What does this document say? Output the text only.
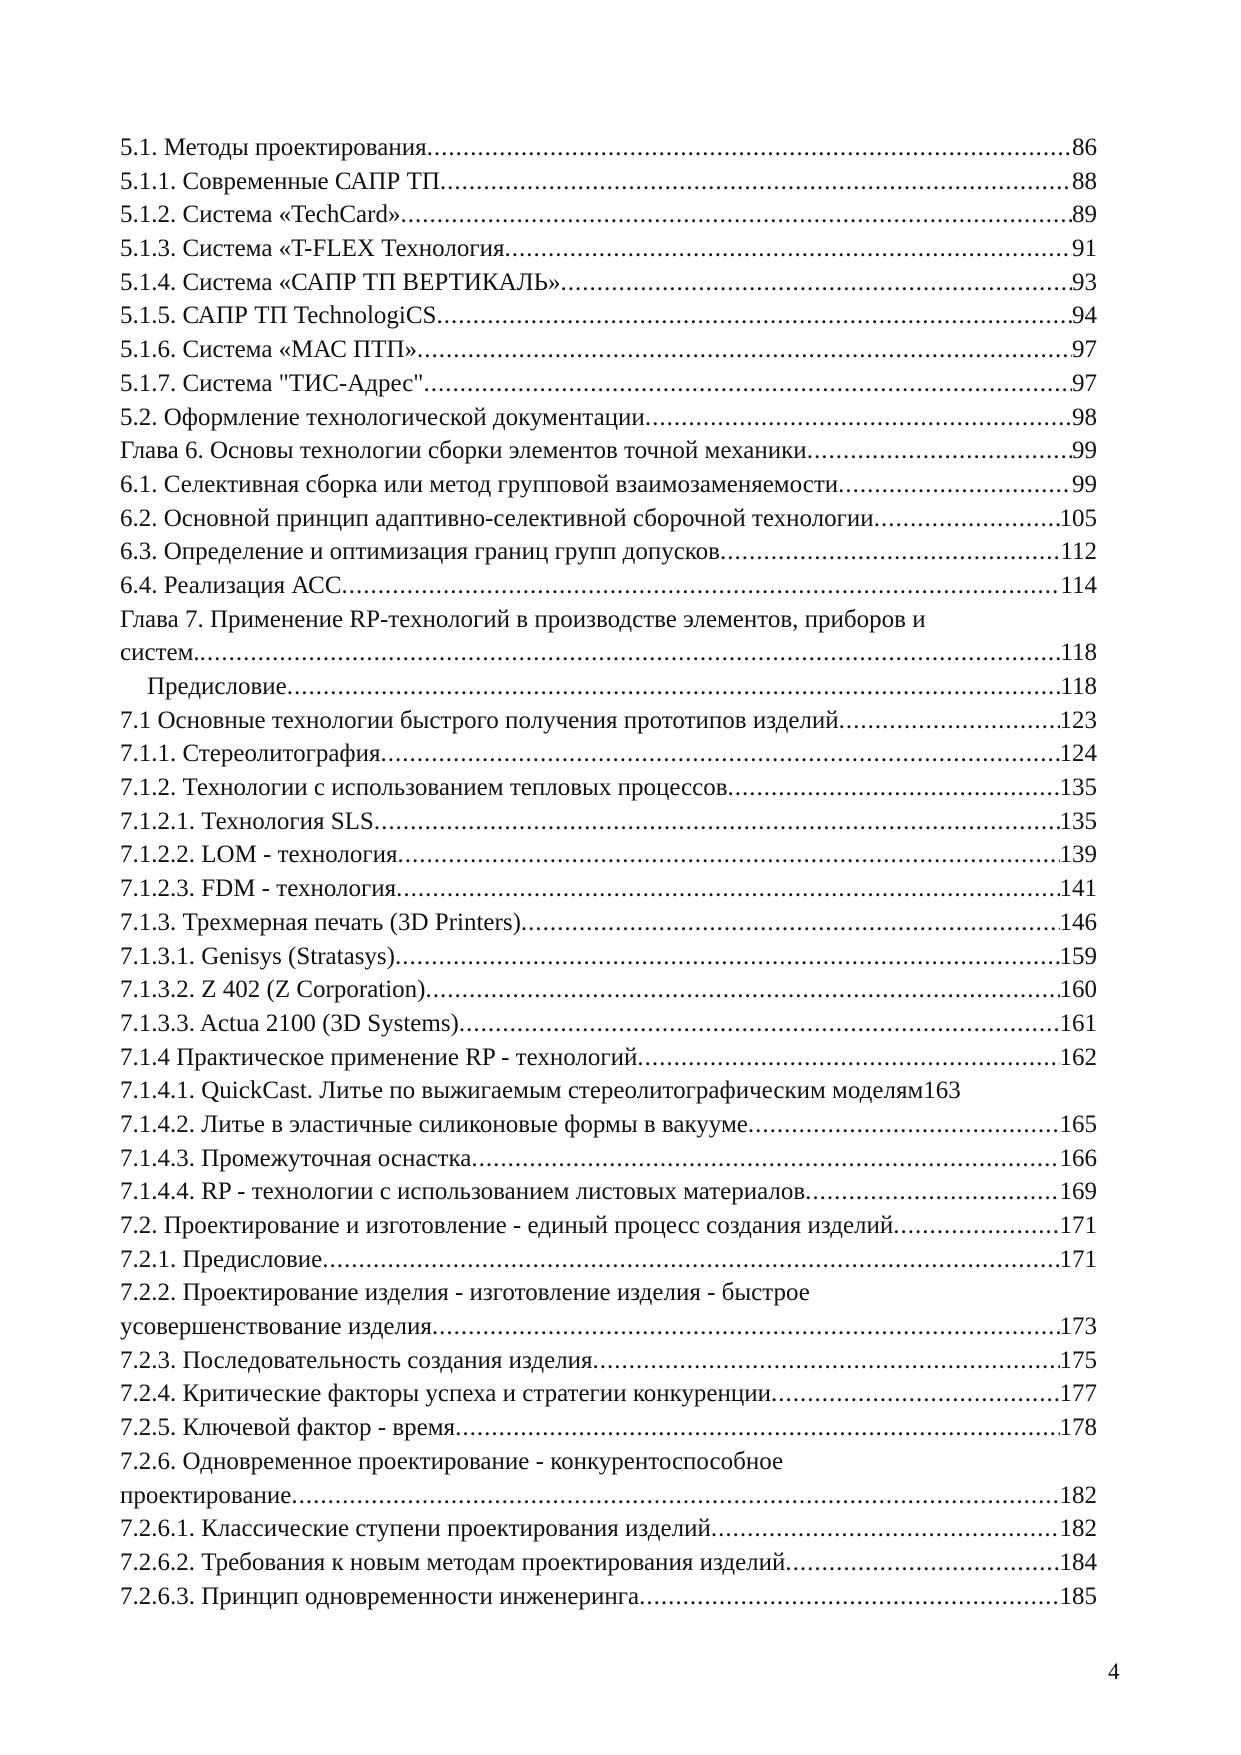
5.1. Методы проектирования .....	86
5.1.1. Современные САПР ТП .....	88
5.1.2. Система «TechCard» .....	89
5.1.3. Система «T-FLEX Технология .....	91
5.1.4. Система «САПР ТП ВЕРТИКАЛЬ» .....	93
5.1.5. САПР ТП TechnologiCS .....	94
5.1.6. Система «МАС ПТП» .....	97
5.1.7. Система "ТИС-Адрес" .....	97
5.2. Оформление технологической документации .....	98
Глава 6. Основы технологии сборки элементов точной механики .....	99
6.1. Селективная сборка или метод групповой взаимозаменяемости .....	99
6.2. Основной принцип адаптивно-селективной сборочной технологии .....	105
6.3. Определение и оптимизация границ групп допусков .....	112
6.4. Реализация АСС .....	114
Глава 7. Применение RP-технологий в производстве элементов, приборов и
систем. .....	118
Предисловие .....	118
7.1 Основные технологии быстрого получения прототипов изделий .....	123
7.1.1. Стереолитография .....	124
7.1.2. Технологии с использованием тепловых процессов .....	135
7.1.2.1. Технология SLS .....	135
7.1.2.2. LOM - технология .....	139
7.1.2.3. FDM - технология .....	141
7.1.3. Трехмерная печать (3D Printers) .....	146
7.1.3.1. Genisys (Stratasys) .....	159
7.1.3.2. Z 402 (Z Corporation) .....	160
7.1.3.3. Actua 2100 (3D Systems) .....	161
7.1.4 Практическое применение RP - технологий .....	162
7.1.4.1. QuickCast. Литье по выжигаемым стереолитографическим моделям 163
7.1.4.2. Литье в эластичные силиконовые формы в вакууме .....	165
7.1.4.3. Промежуточная оснастка .....	166
7.1.4.4. RP - технологии с использованием листовых материалов .....	169
7.2. Проектирование и изготовление - единый процесс создания изделий .....	171
7.2.1. Предисловие .....	171
7.2.2. Проектирование изделия - изготовление изделия - быстрое
усовершенствование изделия .....	173
7.2.3. Последовательность создания изделия .....	175
7.2.4. Критические факторы успеха и стратегии конкуренции .....	177
7.2.5. Ключевой фактор - время .....	178
7.2.6. Одновременное проектирование - конкурентоспособное
проектирование .....	182
7.2.6.1. Классические ступени проектирования изделий .....	182
7.2.6.2. Требования к новым методам проектирования изделий .....	184
7.2.6.3. Принцип одновременности инженеринга .....	185
4
